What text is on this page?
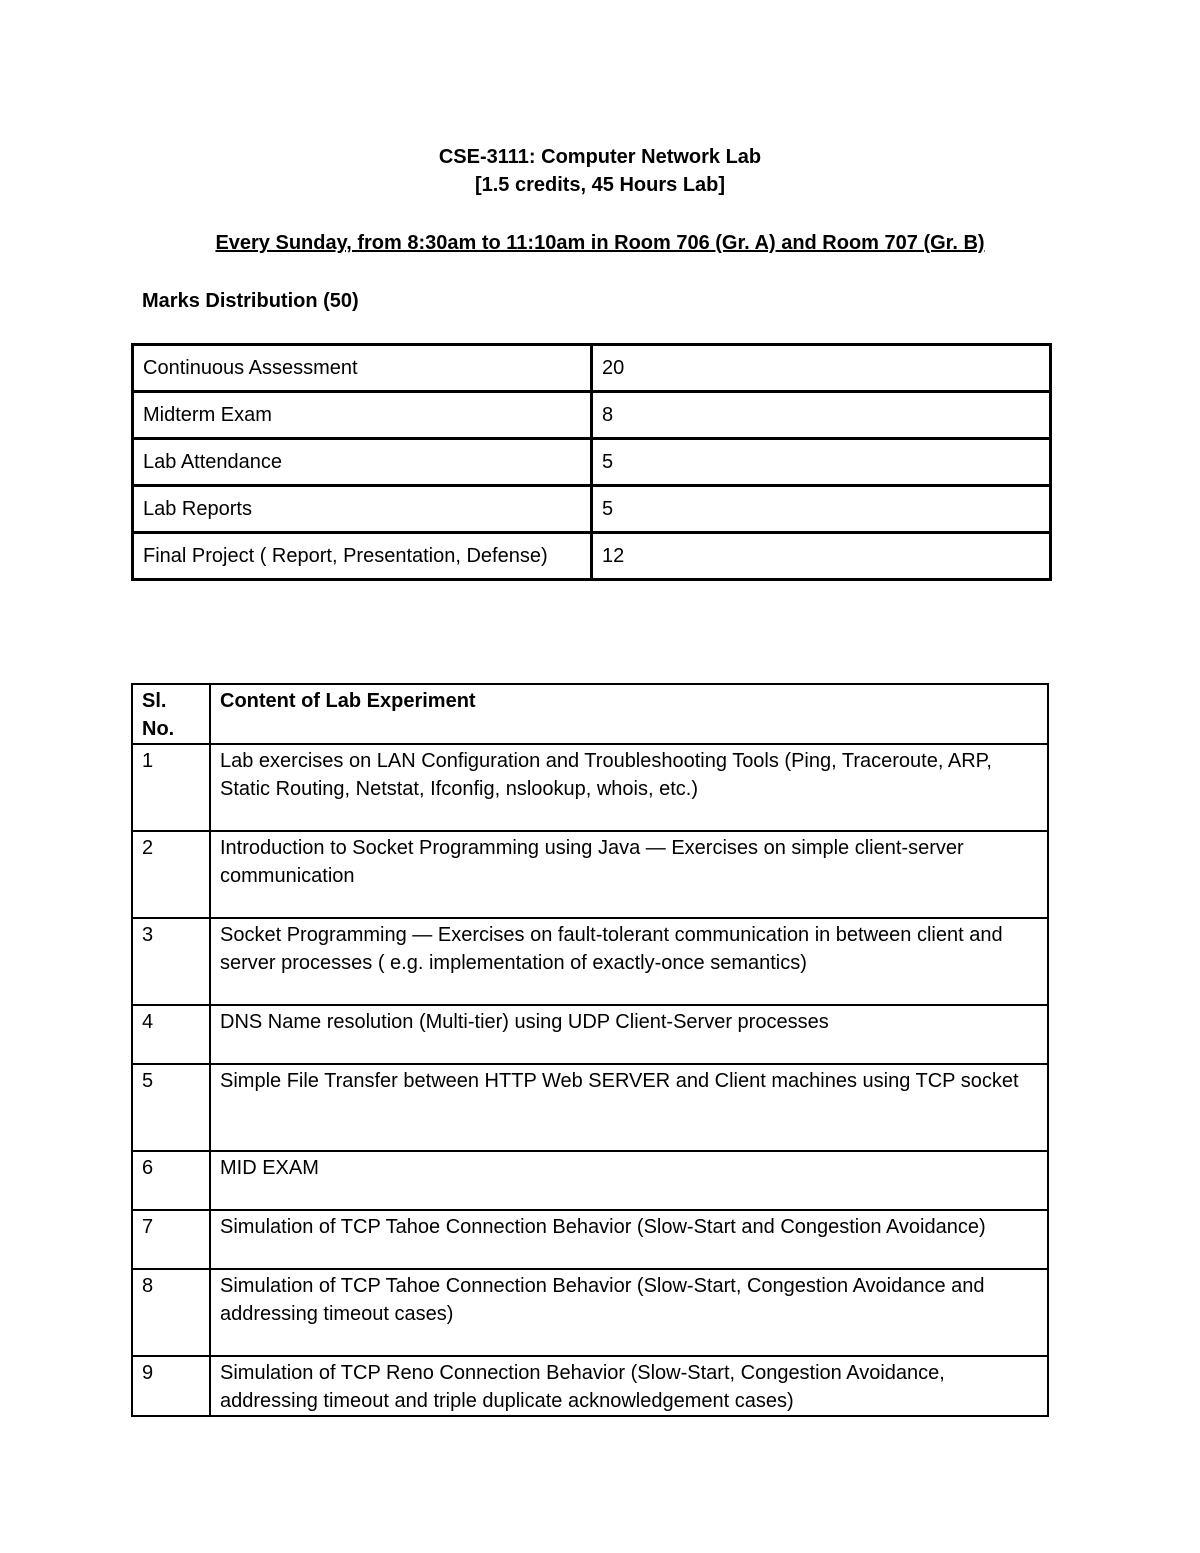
CSE-3111: Computer Network Lab
[1.5 credits, 45 Hours Lab]
Every Sunday, from 8:30am to 11:10am in Room 706 (Gr. A) and Room 707 (Gr. B)
Marks Distribution (50)
Continuous Assessment	20
Midterm Exam	8
Lab Attendance	5
Lab Reports	5
Final Project ( Report, Presentation, Defense)	12
Sl. No.	Content of Lab Experiment
1	Lab exercises on LAN Configuration and Troubleshooting Tools (Ping, Traceroute, ARP, Static Routing, Netstat, Ifconfig, nslookup, whois, etc.)
2	Introduction to Socket Programming using Java — Exercises on simple client-server communication
3	Socket Programming — Exercises on fault-tolerant communication in between client and server processes ( e.g. implementation of exactly-once semantics)
4	DNS Name resolution (Multi-tier) using UDP Client-Server processes
5	Simple File Transfer between HTTP Web SERVER and Client machines using TCP socket
6	MID EXAM
7	Simulation of TCP Tahoe Connection Behavior (Slow-Start and Congestion Avoidance)
8	Simulation of TCP Tahoe Connection Behavior (Slow-Start, Congestion Avoidance and addressing timeout cases)
9	Simulation of TCP Reno Connection Behavior (Slow-Start, Congestion Avoidance, addressing timeout and triple duplicate acknowledgement cases)
